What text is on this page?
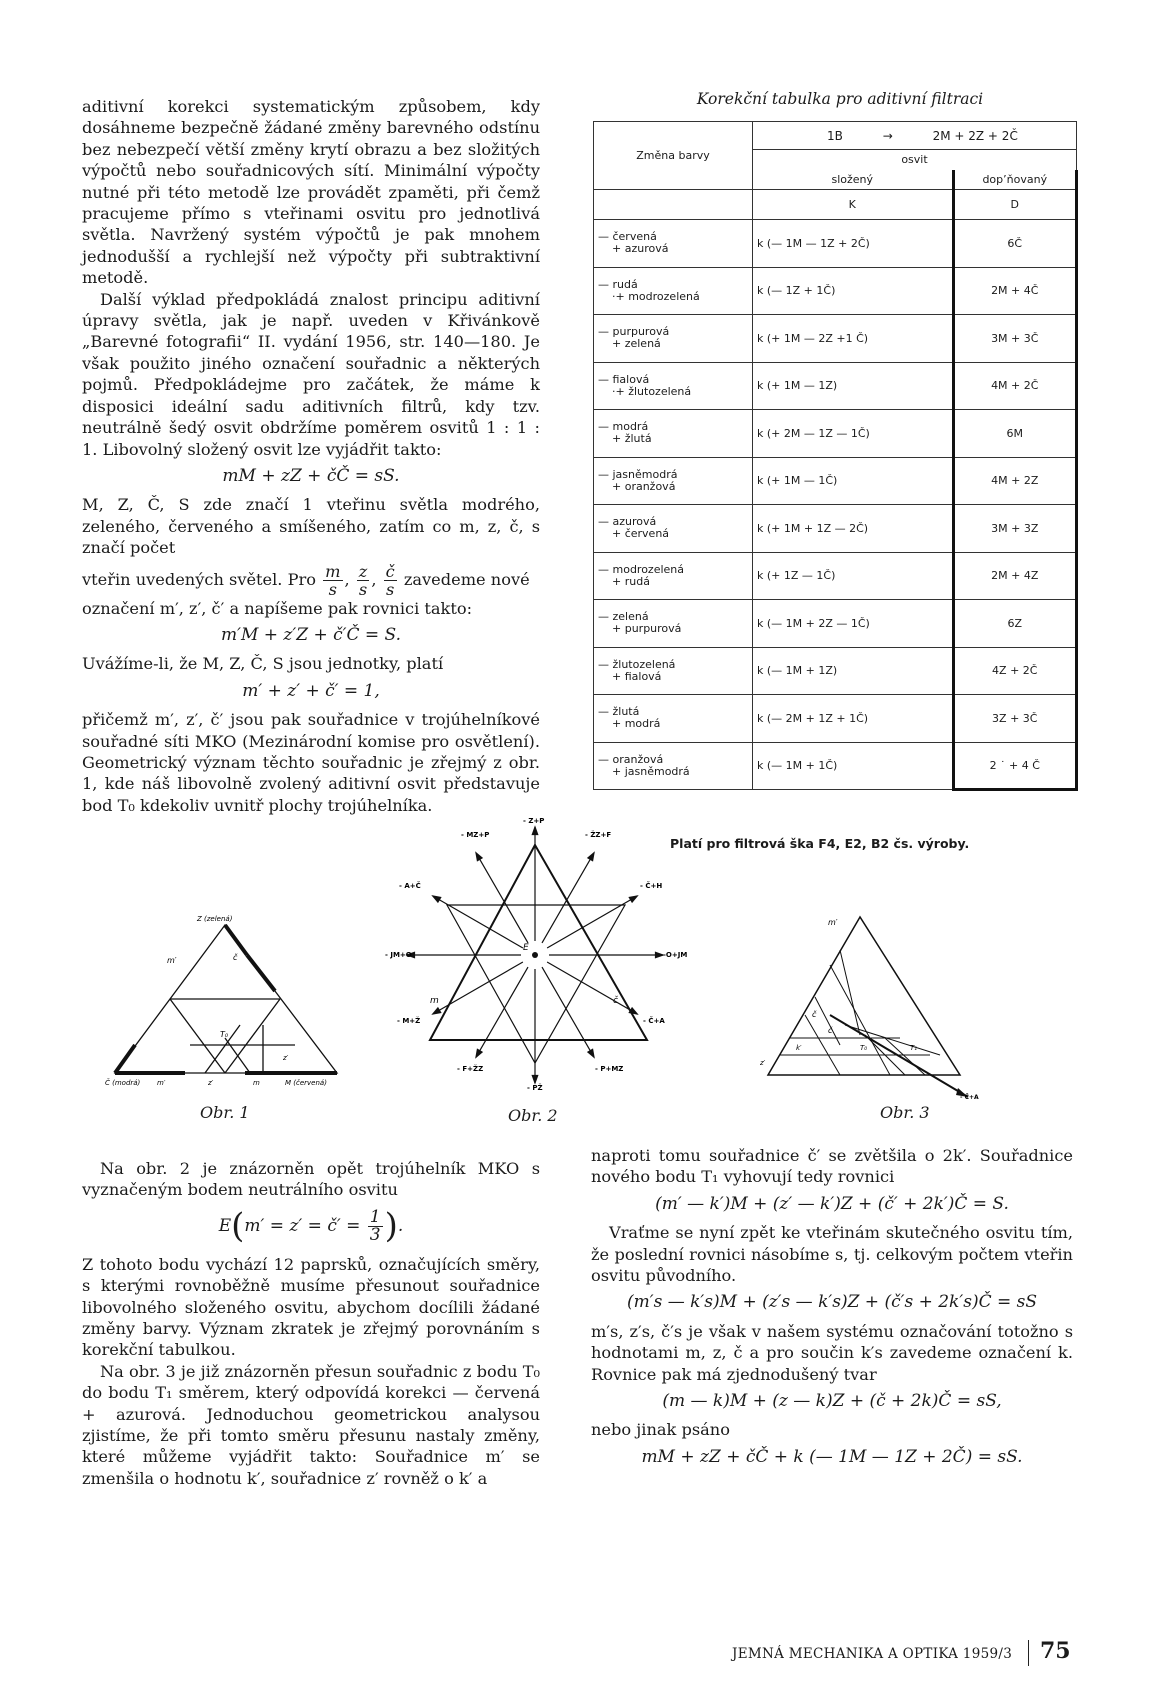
aditivní korekci systematickým způsobem, kdy dosáhneme bezpečně žádané změny barevného odstínu bez nebezpečí větší změny krytí obrazu a bez složitých výpočtů nebo souřadnicových sítí. Minimální výpočty nutné při této metodě lze provádět zpaměti, při čemž pracujeme přímo s vteřinami osvitu pro jednotlivá světla. Navržený systém výpočtů je pak mnohem jednodušší a rychlejší než výpočty při subtraktivní metodě.

Další výklad předpokládá znalost principu aditivní úpravy světla, jak je např. uveden v Křivánkově „Barevné fotografii“ II. vydání 1956, str. 140—180. Je však použito jiného označení souřadnic a některých pojmů. Předpokládejme pro začátek, že máme k disposici ideální sadu aditivních filtrů, kdy tzv. neutrálně šedý osvit obdržíme poměrem osvitů 1 : 1 : 1. Libovolný složený osvit lze vyjádřit takto:

mM + zZ + čČ = sS.

M, Z, Č, S zde značí 1 vteřinu světla modrého, zeleného, červeného a smíšeného, zatím co m, z, č, s značí počet

vteřin uvedených světel. Pro $\frac{m}{s}$ , $\frac{z}{s}$ , $\frac{č}{s}$ zavedeme nové

označení m′, z′, č′ a napíšeme pak rovnici takto:

m′M + z′Z + č′Č = S.

Uvážíme-li, že M, Z, Č, S jsou jednotky, platí

m′ + z′ + č′ = 1,

přičemž m′, z′, č′ jsou pak souřadnice v trojúhelníkové souřadné síti MKO (Mezinárodní komise pro osvětlení). Geometrický význam těchto souřadnic je zřejmý z obr. 1, kde náš libovolně zvolený aditivní osvit představuje bod T₀ kdekoliv uvnitř plochy trojúhelníka.

Korekční tabulka pro aditivní filtraci
Změna barvy	1B → 2M + 2Z + 2Č	
	osvit	
	složený	dop’ňovaný
	K	D

— červená
+ azurová	k (— 1M — 1Z + 2Č)	6Č

— rudá
·+ modrozelená	k (— 1Z + 1Č)	2M + 4Č

— purpurová
+ zelená	k (+ 1M — 2Z +1 Č)	3M + 3Č

— fialová
·+ žlutozelená	k (+ 1M — 1Z)	4M + 2Č

— modrá
+ žlutá	k (+ 2M — 1Z — 1Č)	6M

— jasněmodrá
+ oranžová	k (+ 1M — 1Č)	4M + 2Z

— azurová
+ červená	k (+ 1M + 1Z — 2Č)	3M + 3Z

— modrozelená
+ rudá	k (+ 1Z — 1Č)	2M + 4Z

— zelená
+ purpurová	k (— 1M + 2Z — 1Č)	6Z

— žlutozelená
+ fialová	k (— 1M + 1Z)	4Z + 2Č

— žlutá
+ modrá	k (— 2M + 1Z + 1Č)	3Z + 3Č

— oranžová
+ jasněmodrá	k (— 1M + 1Č)	2 ˙ + 4 Č
Platí pro filtrová ška F4, E2, B2 čs. výroby.
Z (zelená)
m′	č
T₀
Č (modrá)	M (červená)
m′	z′	m
z′
Obr. 1
E
m	č
- Z+P
- ŽZ+F
- Č+H
-O+JM
- Č+A
- P+MZ
- PŽ
- F+ŽZ
- M+Ž
- JM+O
- A+Č
- MZ+P
Obr. 2
m′
č
z′
k′	T₀	T₁
č
- Č+A
Obr. 3

Na obr. 2 je znázorněn opět trojúhelník MKO s vyznačeným bodem neutrálního osvitu

E(m′ = z′ = č′ = $\frac{1}{3}$ ).

Z tohoto bodu vychází 12 paprsků, označujících směry, s kterými rovnoběžně musíme přesunout souřadnice libovolného složeného osvitu, abychom docílili žádané změny barvy. Význam zkratek je zřejmý porovnáním s korekční tabulkou.

Na obr. 3 je již znázorněn přesun souřadnic z bodu T₀ do bodu T₁ směrem, který odpovídá korekci — červená + azurová. Jednoduchou geometrickou analysou zjistíme, že při tomto směru přesunu nastaly změny, které můžeme vyjádřit takto: Souřadnice m′ se zmenšila o hodnotu k′, souřadnice z′ rovněž o k′ a

naproti tomu souřadnice č′ se zvětšila o 2k′. Souřadnice nového bodu T₁ vyhovují tedy rovnici

(m′ — k′)M + (z′ — k′)Z + (č′ + 2k′)Č = S.

Vraťme se nyní zpět ke vteřinám skutečného osvitu tím, že poslední rovnici násobíme s, tj. celkovým počtem vteřin osvitu původního.

(m′s — k′s)M + (z′s — k′s)Z + (č′s + 2k′s)Č = sS

m′s, z′s, č′s je však v našem systému označování totožno s hodnotami m, z, č a pro součin k′s zavedeme označení k. Rovnice pak má zjednodušený tvar

(m — k)M + (z — k)Z + (č + 2k)Č = sS,

nebo jinak psáno

mM + zZ + čČ + k (— 1M — 1Z + 2Č) = sS.
JEMNÁ MECHANIKA A OPTIKA 1959/3 75
